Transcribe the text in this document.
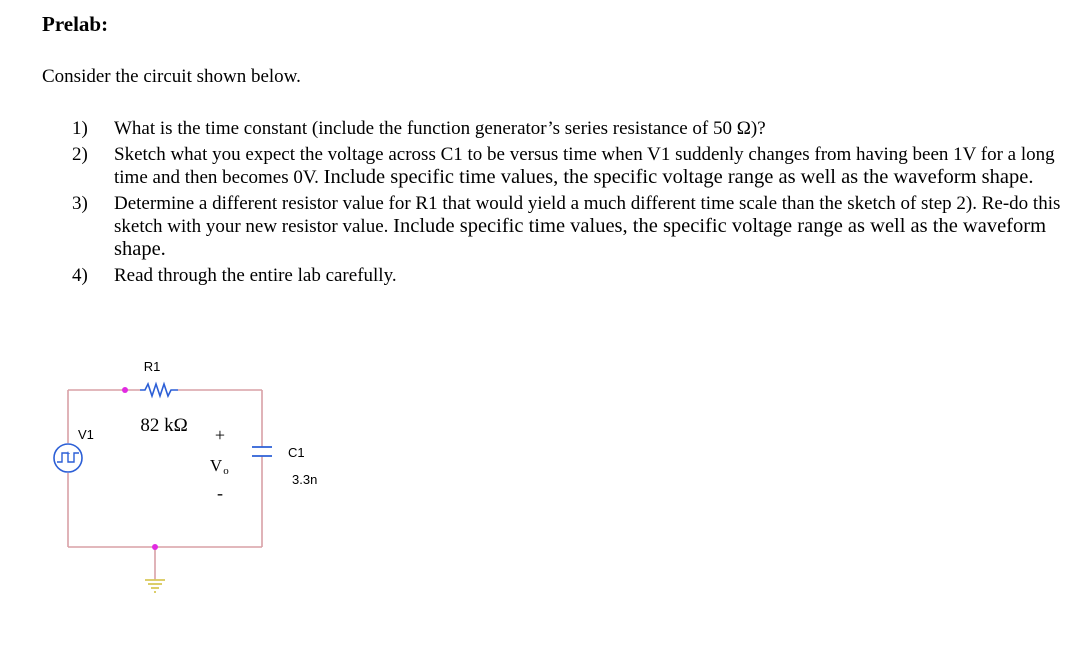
Prelab:

Consider the circuit shown below.

1)	What is the time constant (include the function generator’s series resistance of 50 Ω)?
2)	Sketch what you expect the voltage across C1 to be versus time when V1 suddenly changes from having been 1V for a long time and then becomes 0V. Include specific time values, the specific voltage range as well as the waveform shape.
3)	Determine a different resistor value for R1 that would yield a much different time scale than the sketch of step 2). Re-do this sketch with your new resistor value. Include specific time values, the specific voltage range as well as the waveform shape.
4)	Read through the entire lab carefully.
R1
82 kΩ
+
V1
C1
3.3n
+
V o
-
